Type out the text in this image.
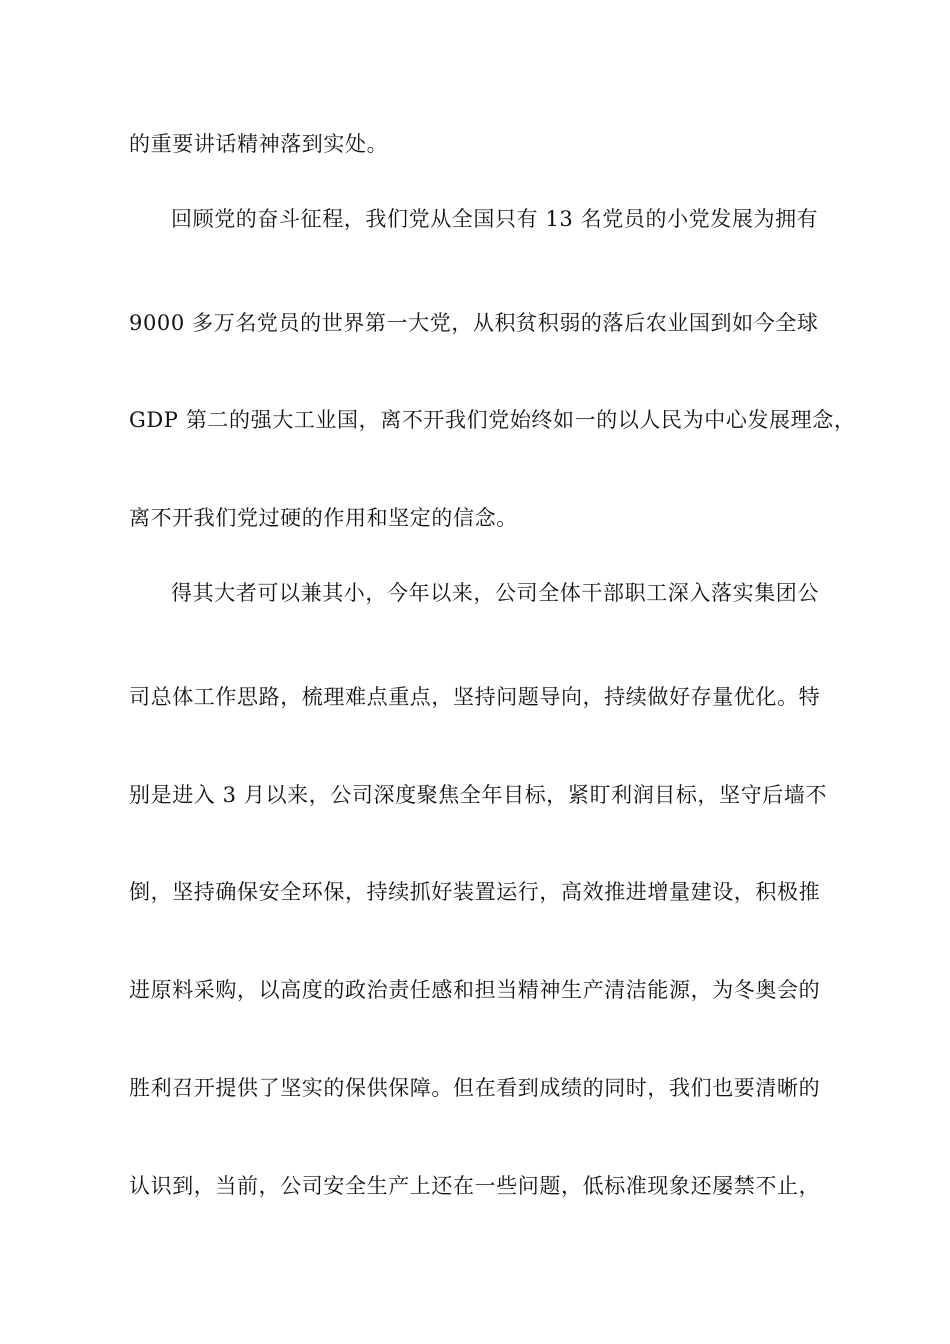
的重要讲话精神落到实处。
回顾党的奋斗征程，我们党从全国只有 13 名党员的小党发展为拥有
9000 多万名党员的世界第一大党，从积贫积弱的落后农业国到如今全球
GDP 第二的强大工业国，离不开我们党始终如一的以人民为中心发展理念，
离不开我们党过硬的作用和坚定的信念。
得其大者可以兼其小，今年以来，公司全体干部职工深入落实集团公
司总体工作思路，梳理难点重点，坚持问题导向，持续做好存量优化。特
别是进入 3 月以来，公司深度聚焦全年目标，紧盯利润目标，坚守后墙不
倒，坚持确保安全环保，持续抓好装置运行，高效推进增量建设，积极推
进原料采购，以高度的政治责任感和担当精神生产清洁能源，为冬奥会的
胜利召开提供了坚实的保供保障。但在看到成绩的同时，我们也要清晰的
认识到，当前，公司安全生产上还在一些问题，低标准现象还屡禁不止，
